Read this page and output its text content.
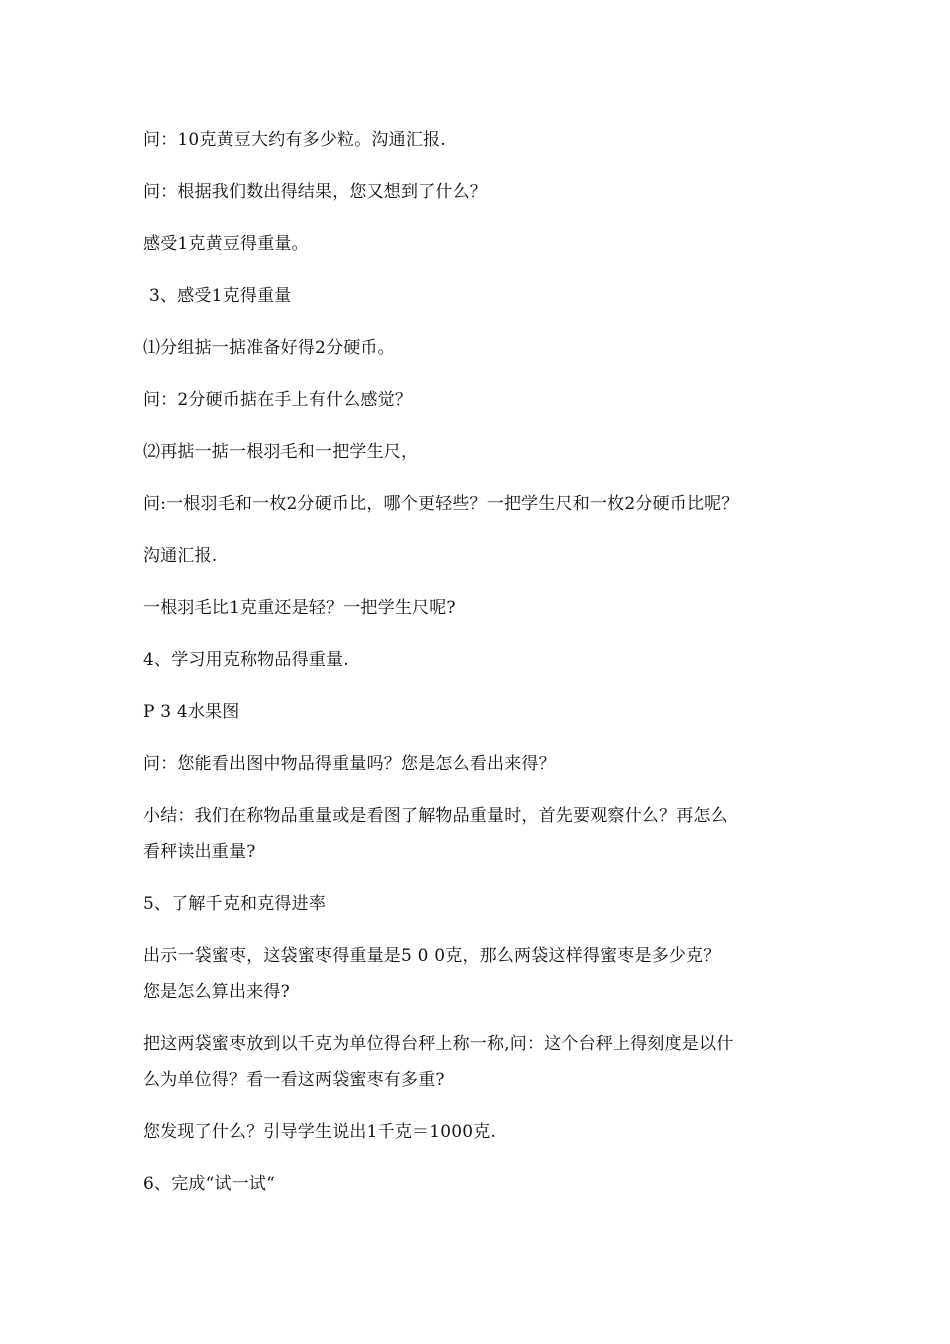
问：10克黄豆大约有多少粒。沟通汇报.
问：根据我们数出得结果，您又想到了什么？
感受1克黄豆得重量。
3、感受1克得重量
⑴分组掂一掂准备好得2分硬币。
问：2分硬币掂在手上有什么感觉？
⑵再掂一掂一根羽毛和一把学生尺，
问:一根羽毛和一枚2分硬币比，哪个更轻些？一把学生尺和一枚2分硬币比呢？
沟通汇报.
一根羽毛比1克重还是轻？一把学生尺呢?
4、学习用克称物品得重量.
P 3 4水果图
问：您能看出图中物品得重量吗？您是怎么看出来得？
小结：我们在称物品重量或是看图了解物品重量时，首先要观察什么？再怎么
看秤读出重量?
5、了解千克和克得进率
出示一袋蜜枣，这袋蜜枣得重量是5 0 0克，那么两袋这样得蜜枣是多少克？
您是怎么算出来得?
把这两袋蜜枣放到以千克为单位得台秤上称一称,问：这个台秤上得刻度是以什
么为单位得？看一看这两袋蜜枣有多重?
您发现了什么？引导学生说出1千克＝1000克.
6、完成“试一试“
